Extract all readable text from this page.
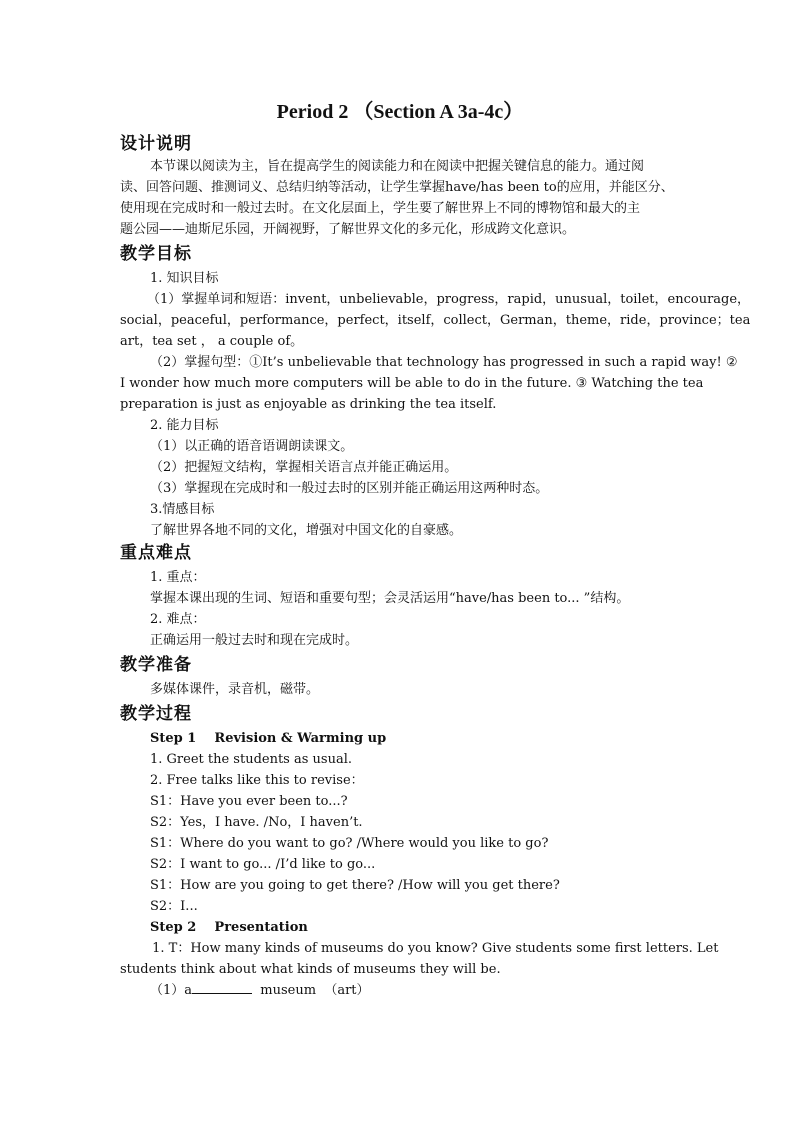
Period 2 （Section A 3a-4c）
设计说明

本节课以阅读为主，旨在提高学生的阅读能力和在阅读中把握关键信息的能力。通过阅

读、回答问题、推测词义、总结归纳等活动，让学生掌握have/has been to的应用，并能区分、

使用现在完成时和一般过去时。在文化层面上，学生要了解世界上不同的博物馆和最大的主

题公园——迪斯尼乐园，开阔视野，了解世界文化的多元化，形成跨文化意识。

教学目标

1. 知识目标

（1）掌握单词和短语：invent，unbelievable，progress，rapid，unusual，toilet，encourage，

social，peaceful，performance，perfect，itself，collect，German，theme，ride，province；tea

art，tea set ， a couple of。

（2）掌握句型：①It’s unbelievable that technology has progressed in such a rapid way! ②

I wonder how much more computers will be able to do in the future. ③ Watching the tea

preparation is just as enjoyable as drinking the tea itself.

2. 能力目标

（1）以正确的语音语调朗读课文。

（2）把握短文结构，掌握相关语言点并能正确运用。

（3）掌握现在完成时和一般过去时的区别并能正确运用这两种时态。

3.情感目标

了解世界各地不同的文化，增强对中国文化的自豪感。

重点难点

1. 重点：

掌握本课出现的生词、短语和重要句型；会灵活运用“have/has been to... ”结构。

2. 难点：

正确运用一般过去时和现在完成时。

教学准备

多媒体课件，录音机，磁带。

教学过程

Step 1    Revision & Warming up

1. Greet the students as usual.

2. Free talks like this to revise：

S1：Have you ever been to...?

S2：Yes，I have. /No，I haven’t.

S1：Where do you want to go? /Where would you like to go?

S2：I want to go... /I’d like to go...

S1：How are you going to get there? /How will you get there?

S2：I...

Step 2    Presentation

1. T：How many kinds of museums do you know? Give students some first letters. Let

students think about what kinds of museums they will be.

（1）a	museum  （art）
